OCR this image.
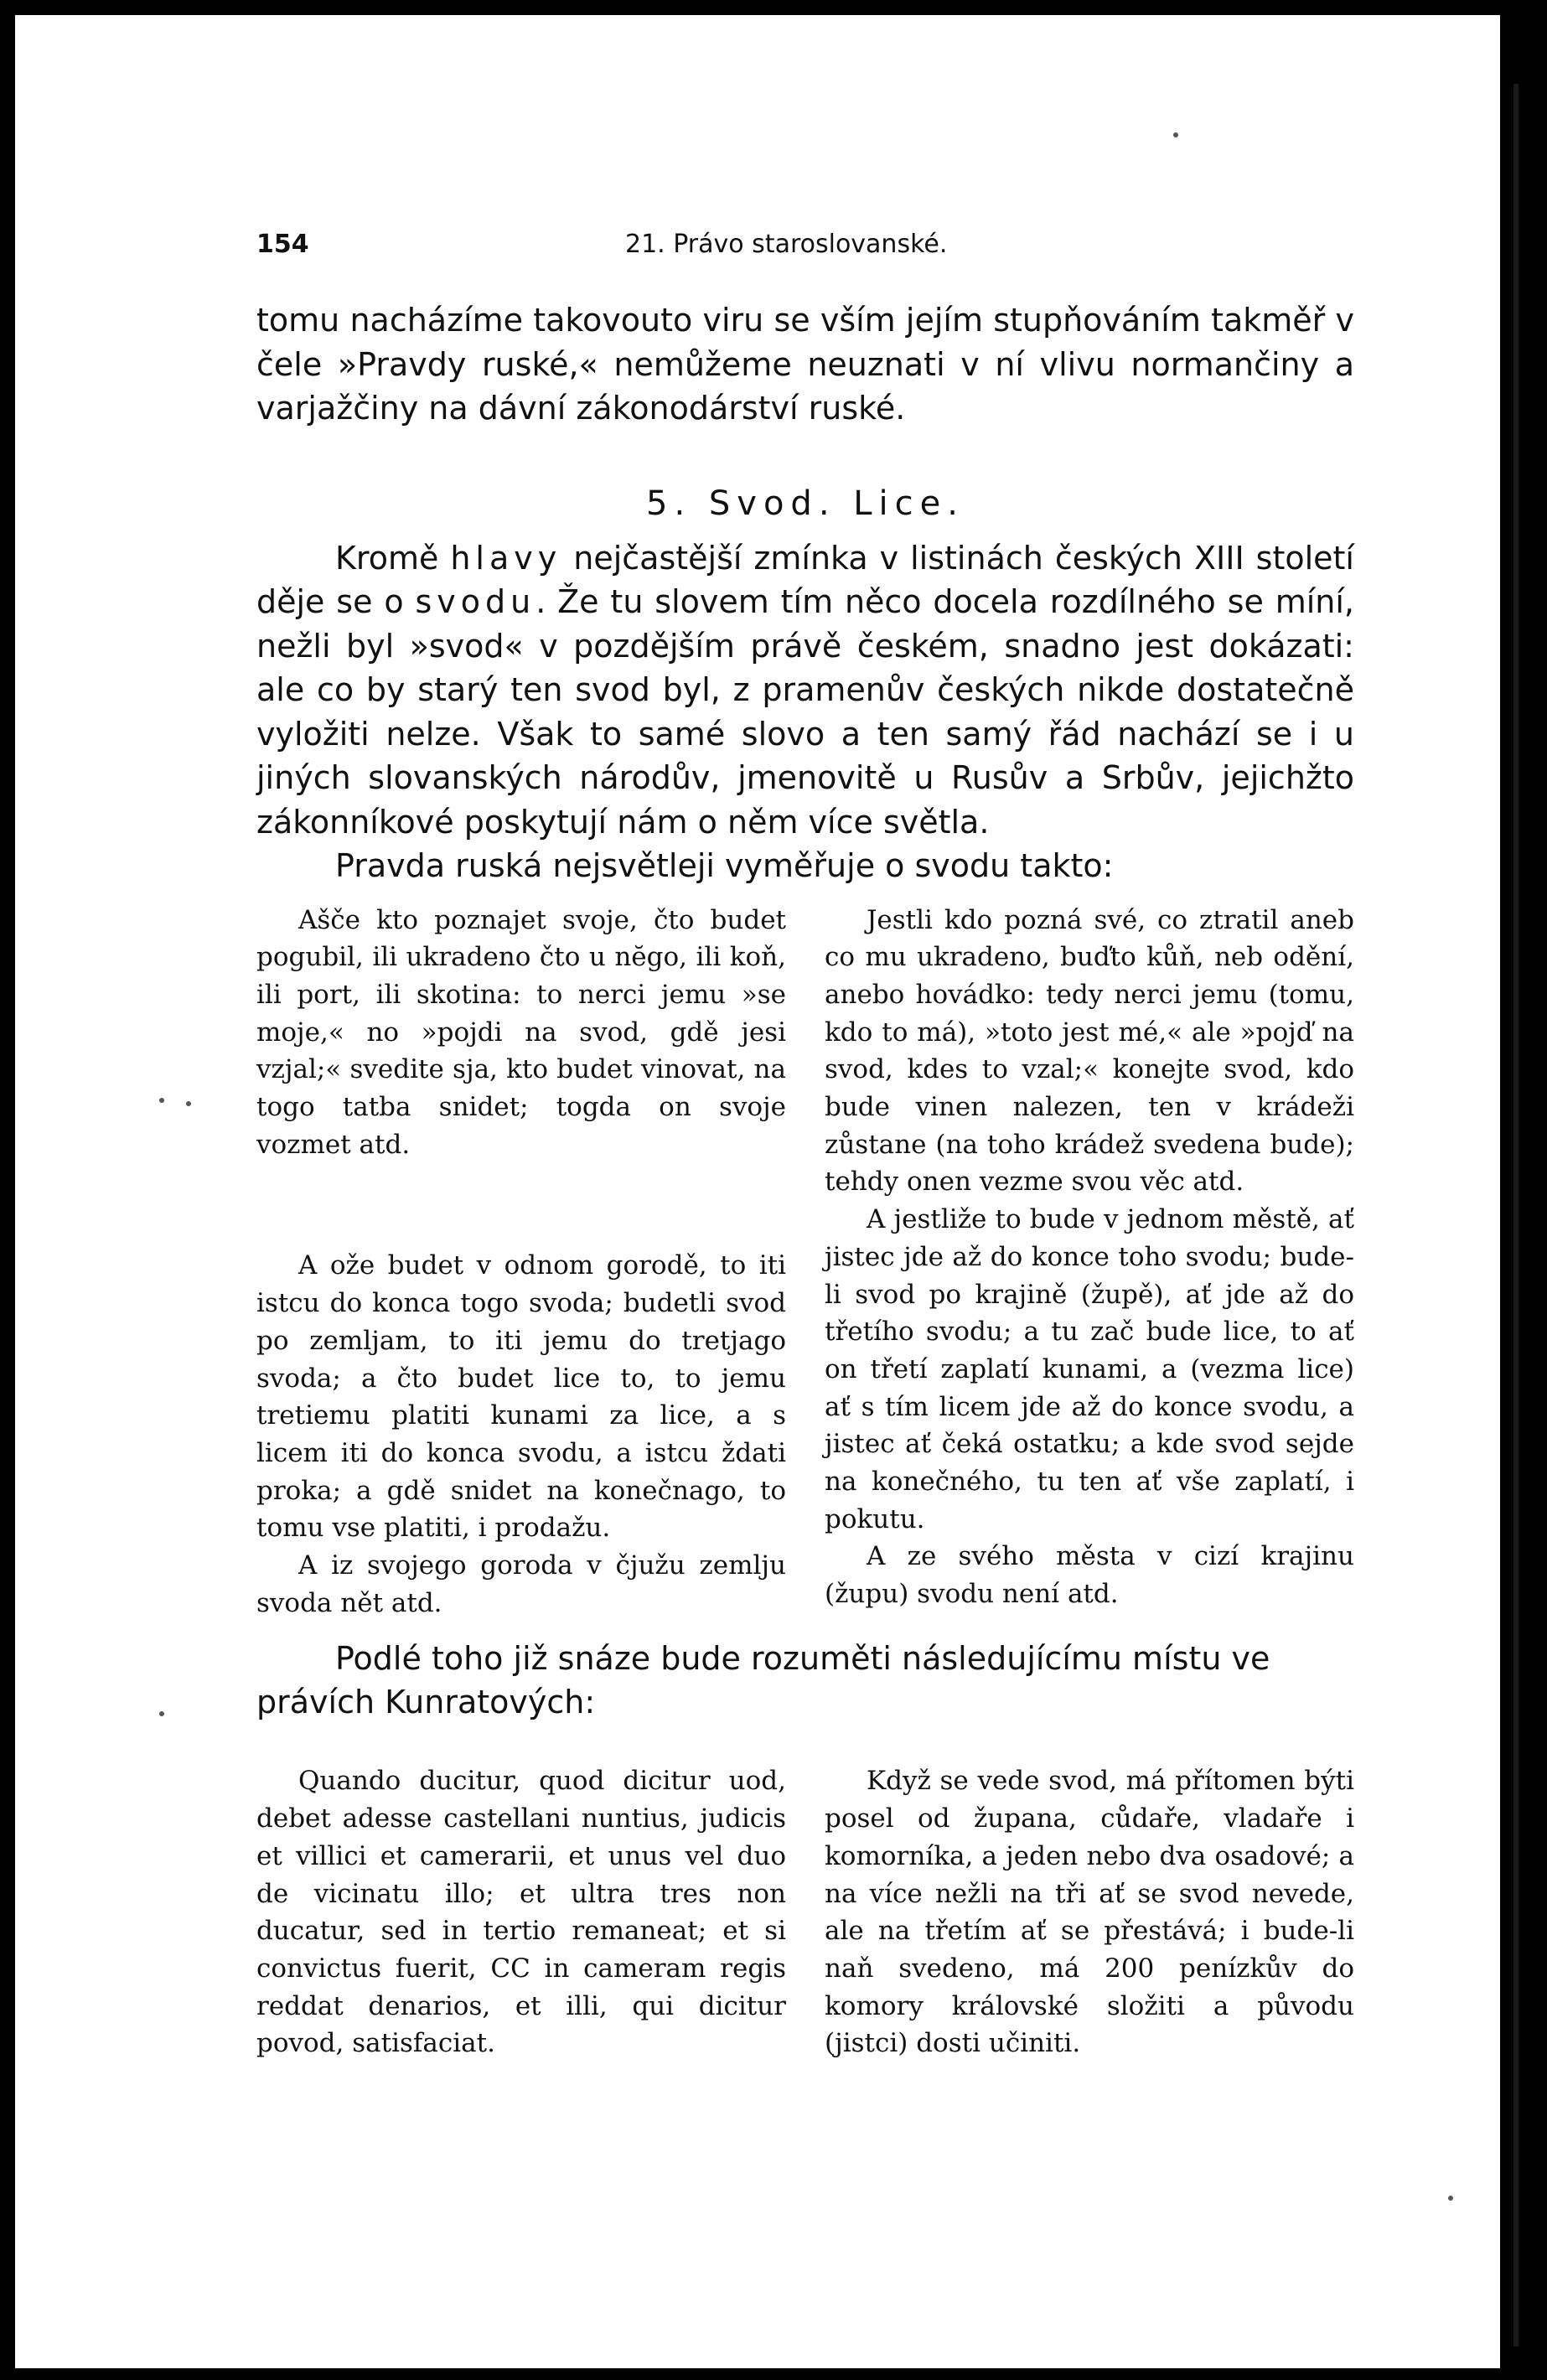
154	21. Právo staroslovanské.

tomu nacházíme takovouto viru se vším jejím stupňováním takměř v čele »Pravdy ruské,« nemůžeme neuznati v ní vlivu normančiny a varjažčiny na dávní zákonodárství ruské.

5. Svod. Lice.

Kromě hlavy nejčastější zmínka v listinách českých XIII století děje se o svodu. Že tu slovem tím něco docela rozdílného se míní, nežli byl »svod« v pozdějším právě českém, snadno jest dokázati: ale co by starý ten svod byl, z pramenův českých nikde dostatečně vyložiti nelze. Však to samé slovo a ten samý řád nachází se i u jiných slovanských národův, jmenovitě u Rusův a Srbův, jejichžto zákonníkové poskytují nám o něm více světla.

Pravda ruská nejsvětleji vyměřuje o svodu takto:

Ašče kto poznajet svoje, čto budet pogubil, ili ukradeno čto u nĕgo, ili koň, ili port, ili skotina: to nerci jemu »se moje,« no »pojdi na svod, gdě jesi vzjal;« svedite sja, kto budet vinovat, na togo tatba snidet; togda on svoje vozmet atd.

A ože budet v odnom gorodě, to iti istcu do konca togo svoda; budetli svod po zemljam, to iti jemu do tretjago svoda; a čto budet lice to, to jemu tretiemu platiti kunami za lice, a s licem iti do konca svodu, a istcu ždati proka; a gdě snidet na konečnago, to tomu vse platiti, i prodažu.

A iz svojego goroda v čjužu zemlju svoda nět atd.

Jestli kdo pozná své, co ztratil aneb co mu ukradeno, buďto kůň, neb odění, anebo hovádko: tedy nerci jemu (tomu, kdo to má), »toto jest mé,« ale »pojď na svod, kdes to vzal;« konejte svod, kdo bude vinen nalezen, ten v krádeži zůstane (na toho krádež svedena bude); tehdy onen vezme svou věc atd.

A jestliže to bude v jednom městě, ať jistec jde až do konce toho svodu; bude-li svod po krajině (župě), ať jde až do třetího svodu; a tu zač bude lice, to ať on třetí zaplatí kunami, a (vezma lice) ať s tím licem jde až do konce svodu, a jistec ať čeká ostatku; a kde svod sejde na konečného, tu ten ať vše zaplatí, i pokutu.

A ze svého města v cizí krajinu (župu) svodu není atd.

Podlé toho již snáze bude rozuměti následujícímu místu ve právích Kunratových:

Quando ducitur, quod dicitur uod, debet adesse castellani nuntius, judicis et villici et camerarii, et unus vel duo de vicinatu illo; et ultra tres non ducatur, sed in tertio remaneat; et si convictus fuerit, CC in cameram regis reddat denarios, et illi, qui dicitur povod, satisfaciat.

Když se vede svod, má přítomen býti posel od župana, cůdaře, vladaře i komorníka, a jeden nebo dva osadové; a na více nežli na tři ať se svod nevede, ale na třetím ať se přestává; i bude-li naň svedeno, má 200 penízkův do komory královské složiti a původu (jistci) dosti učiniti.
